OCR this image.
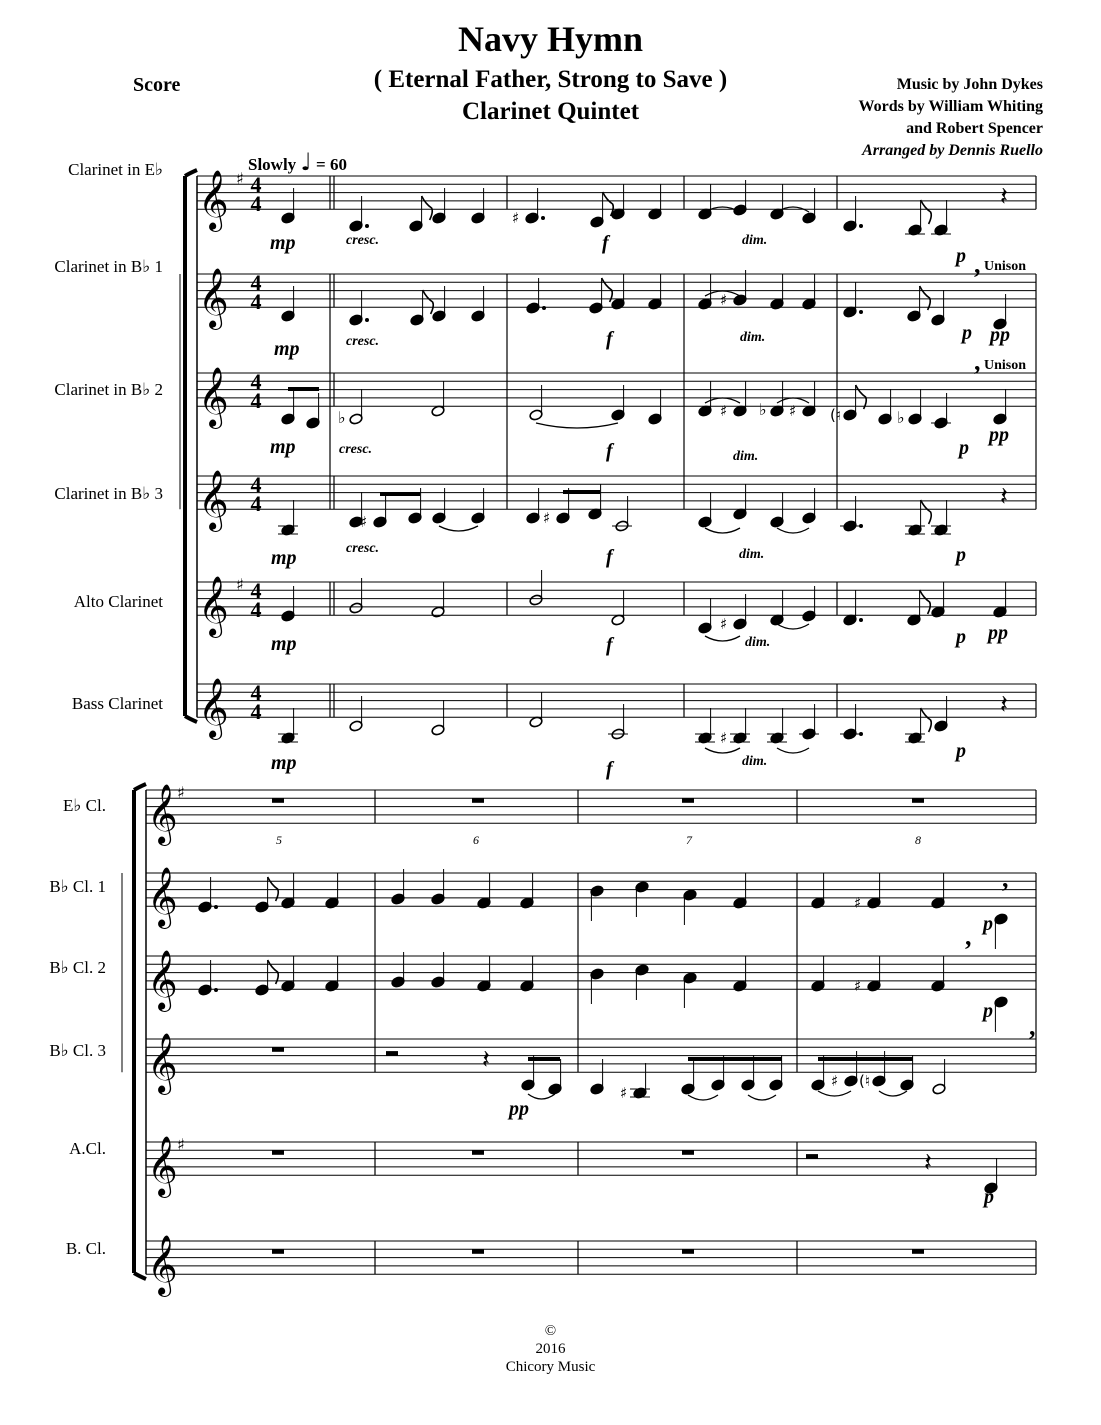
Navy Hymn
( Eternal Father, Strong to Save )
Clarinet Quintet
Score	Music by John Dykes
Words by William Whiting
and Robert Spencer
Arranged by Dennis Ruello
Slowly ♩ = 60
Clarinet in E♭
Clarinet in B♭ 1
Clarinet in B♭ 2
Clarinet in B♭ 3
Alto Clarinet
Bass Clarinet
E♭ Cl.
B♭ Cl. 1
B♭ Cl. 2
B♭ Cl. 3
A.Cl.
B. Cl.
𝄞
𝄞
𝄞
𝄞
𝄞
𝄞
𝄞
𝄞
𝄞
𝄞
𝄞
𝄞
♯
♯
♯
♯
♯
♯
♭	♯ ♭ ♯ (♮	♭
♯	♯
♯
♯
♯
♯
♯
♯ (♮
𝄽
𝄽
𝄽
𝄽
𝄽
4
4
4
4
4
4
4
4
4
4
4
4
mp	cresc.	f	dim.
p Unison
mp	cresc.	f	dim.	p pp
Unison
mp	cresc.	f	dim.	p
pp
mp	cresc.	f	dim.	p
mp	f	dim.	p pp
mp	f	dim.	p
5	6	7	8
p
p
pp
p
,
,
,
,
,
©
2016
Chicory Music
